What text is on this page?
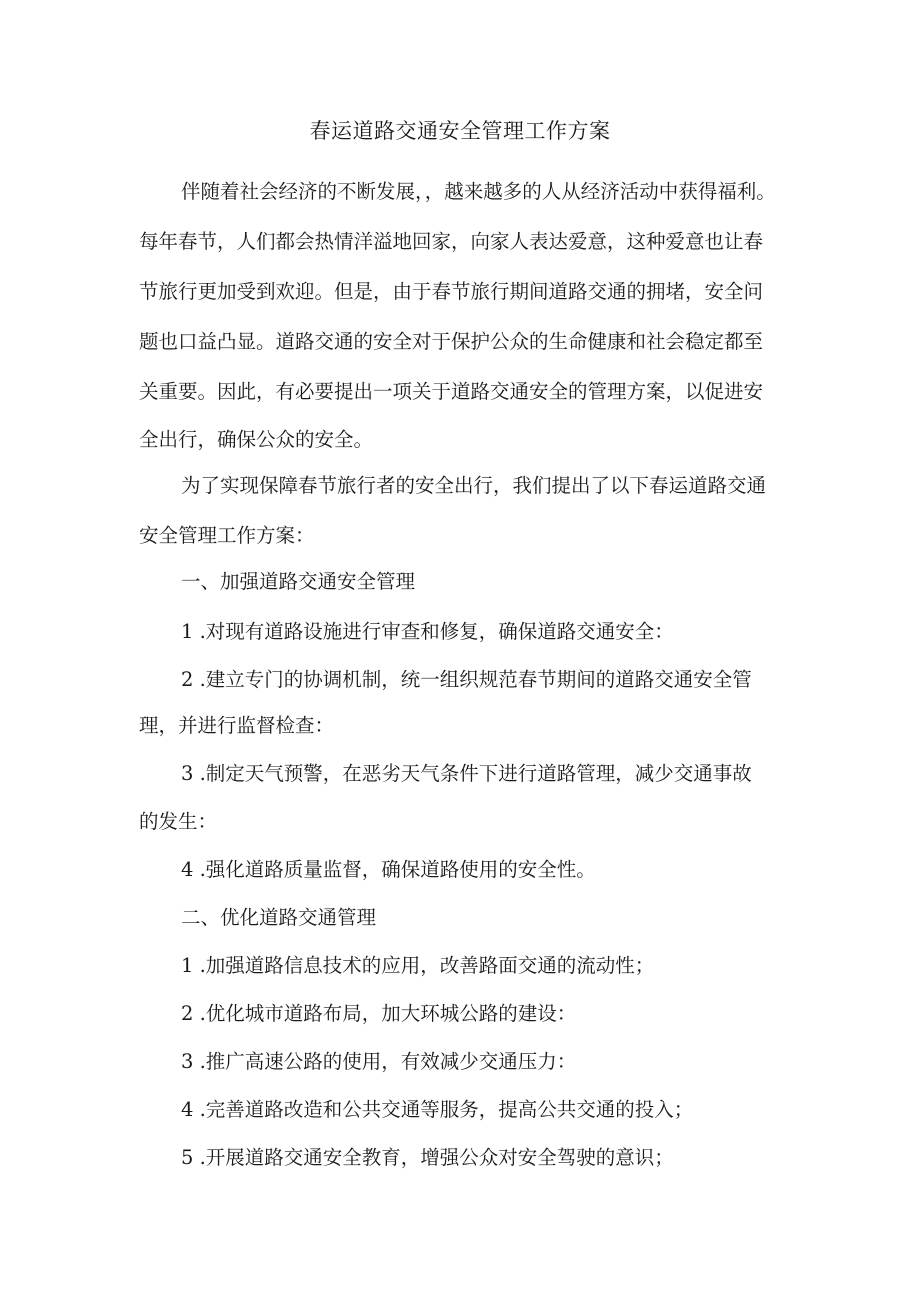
春运道路交通安全管理工作方案
伴随着社会经济的不断发展，，越来越多的人从经济活动中获得福利。
每年春节，人们都会热情洋溢地回家，向家人表达爱意，这种爱意也让春
节旅行更加受到欢迎。但是，由于春节旅行期间道路交通的拥堵，安全问
题也口益凸显。道路交通的安全对于保护公众的生命健康和社会稳定都至
关重要。因此，有必要提出一项关于道路交通安全的管理方案，以促进安
全出行，确保公众的安全。
为了实现保障春节旅行者的安全出行，我们提出了以下春运道路交通
安全管理工作方案：
一、加强道路交通安全管理
1 .对现有道路设施进行审查和修复，确保道路交通安全：
2 .建立专门的协调机制，统一组织规范春节期间的道路交通安全管
理，并进行监督检查：
3 .制定天气预警，在恶劣天气条件下进行道路管理，减少交通事故
的发生：
4 .强化道路质量监督，确保道路使用的安全性。
二、优化道路交通管理
1 .加强道路信息技术的应用，改善路面交通的流动性；
2 .优化城市道路布局，加大环城公路的建设：
3 .推广高速公路的使用，有效减少交通压力：
4 .完善道路改造和公共交通等服务，提高公共交通的投入；
5 .开展道路交通安全教育，增强公众对安全驾驶的意识；
